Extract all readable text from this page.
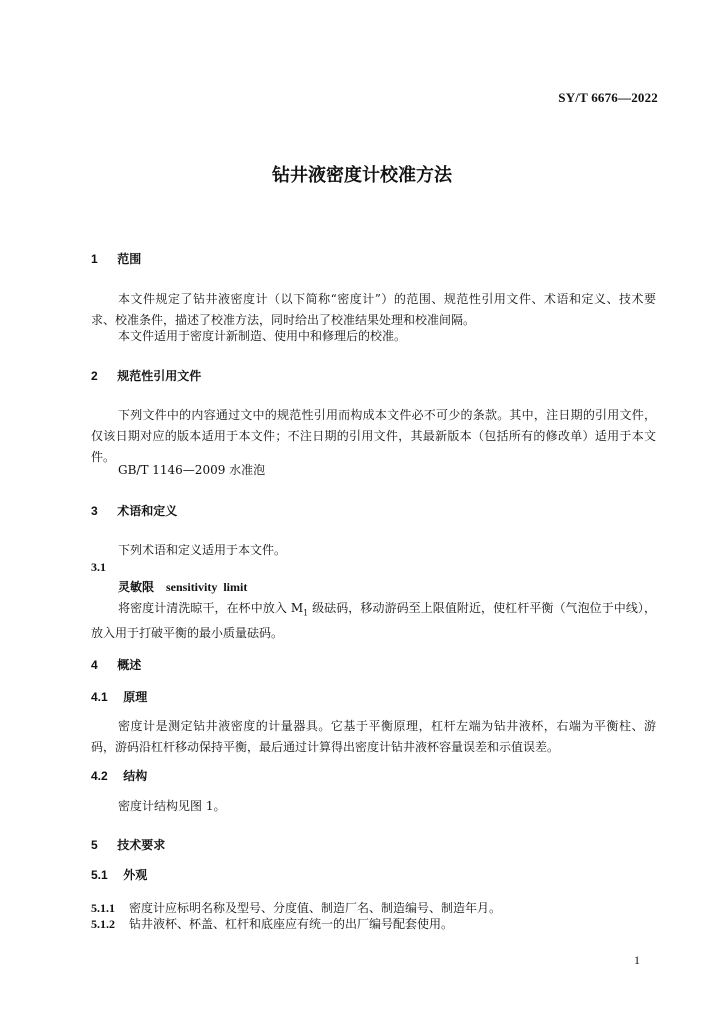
SY/T 6676—2022
钻井液密度计校准方法
1 范围
本文件规定了钻井液密度计（以下简称“密度计”）的范围、规范性引用文件、术语和定义、技术要求、校准条件，描述了校准方法，同时给出了校准结果处理和校准间隔。
本文件适用于密度计新制造、使用中和修理后的校准。
2 规范性引用文件
下列文件中的内容通过文中的规范性引用而构成本文件必不可少的条款。其中，注日期的引用文件，仅该日期对应的版本适用于本文件；不注日期的引用文件，其最新版本（包括所有的修改单）适用于本文件。
GB/T 1146—2009 水准泡
3 术语和定义
下列术语和定义适用于本文件。
3.1
灵敏限 sensitivity limit
将密度计清洗晾干，在杯中放入 $M_1$ 级砝码，移动游码至上限值附近，使杠杆平衡（气泡位于中线），放入用于打破平衡的最小质量砝码。
4 概述
4.1 原理
密度计是测定钻井液密度的计量器具。它基于平衡原理，杠杆左端为钻井液杯，右端为平衡柱、游码，游码沿杠杆移动保持平衡，最后通过计算得出密度计钻井液杯容量误差和示值误差。
4.2 结构
密度计结构见图 1。
5 技术要求
5.1 外观
5.1.1 密度计应标明名称及型号、分度值、制造厂名、制造编号、制造年月。
5.1.2 钻井液杯、杯盖、杠杆和底座应有统一的出厂编号配套使用。
1
